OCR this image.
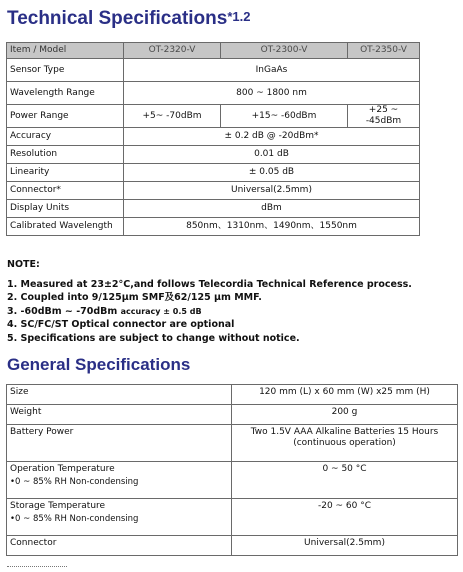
Technical Specifications$^{*1.2}$
Item / Model	OT-2320-V	OT-2300-V	OT-2350-V
Sensor Type	InGaAs		
Wavelength Range	800 ~ 1800 nm		
Power Range	+5~ -70dBm	+15~ -60dBm	+25 ~ -45dBm
Accuracy	± 0.2 dB @ -20dBm*		
Resolution	0.01 dB		
Linearity	± 0.05 dB		
Connector*	Universal(2.5mm)		
Display Units	dBm		
Calibrated Wavelength	850nm、1310nm、1490nm、1550nm		
NOTE:
1. Measured at 23±2°C,and follows Telecordia Technical Reference process.
2. Coupled into 9/125µm SMF及62/125 µm MMF.
3. -60dBm ~ -70dBm accuracy ± 0.5 dB
4. SC/FC/ST Optical connector are optional
5. Specifications are subject to change without notice.
General Specifications
Size	120 mm (L) x 60 mm (W) x25 mm (H)
Weight	200 g
Battery Power	Two 1.5V AAA Alkaline Batteries 15 Hours (continuous operation)
Operation Temperature
•0 ~ 85% RH Non-condensing	0 ~ 50 °C
Storage Temperature
•0 ~ 85% RH Non-condensing	-20 ~ 60 °C
Connector	Universal(2.5mm)
